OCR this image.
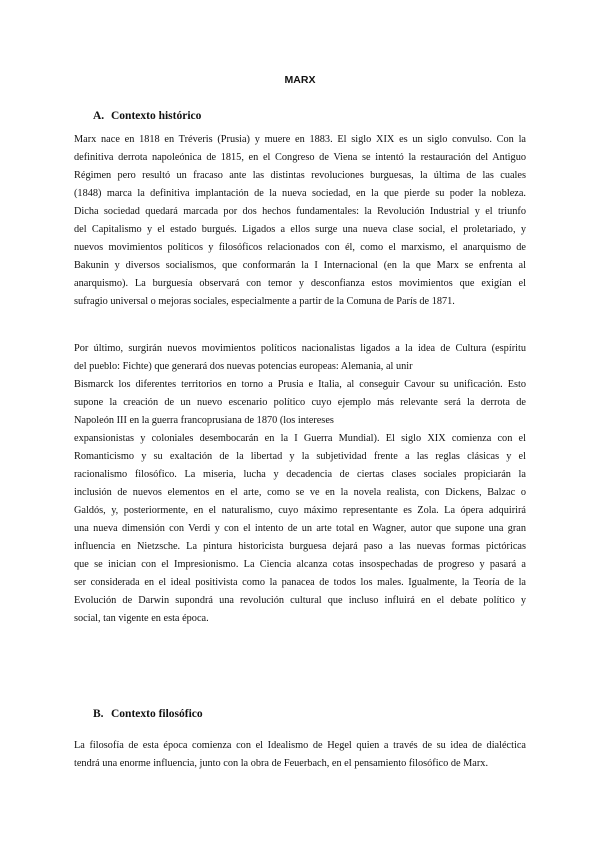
MARX
A. Contexto histórico
Marx nace en 1818 en Tréveris (Prusia) y muere en 1883. El siglo XIX es un siglo convulso. Con la
definitiva derrota napoleónica de 1815, en el Congreso de Viena se intentó la restauración del Antiguo
Régimen pero resultó un fracaso ante las distintas revoluciones burguesas, la última de las cuales
(1848) marca la definitiva implantación de la nueva sociedad, en la que pierde su poder la nobleza.
Dicha sociedad quedará marcada por dos hechos fundamentales: la Revolución Industrial y el triunfo
del Capitalismo y el estado burgués. Ligados a ellos surge una nueva clase social, el proletariado, y
nuevos movimientos políticos y filosóficos relacionados con él, como el marxismo, el anarquismo de
Bakunin y diversos socialismos, que conformarán la I Internacional (en la que Marx se enfrenta al
anarquismo). La burguesía observará con temor y desconfianza estos movimientos que exigían el
sufragio universal o mejoras sociales, especialmente a partir de la Comuna de París de 1871.
Por último, surgirán nuevos movimientos políticos nacionalistas ligados a la idea de Cultura (espíritu
del pueblo: Fichte) que generará dos nuevas potencias europeas: Alemania, al unir
Bismarck los diferentes territorios en torno a Prusia e Italia, al conseguir Cavour su unificación. Esto
supone la creación de un nuevo escenario político cuyo ejemplo más relevante será la derrota de
Napoleón III en la guerra francoprusiana de 1870 (los intereses
expansionistas y coloniales desembocarán en la I Guerra Mundial). El siglo XIX comienza con el
Romanticismo y su exaltación de la libertad y la subjetividad frente a las reglas clásicas y el
racionalismo filosófico. La miseria, lucha y decadencia de ciertas clases sociales propiciarán la
inclusión de nuevos elementos en el arte, como se ve en la novela realista, con Dickens, Balzac o
Galdós, y, posteriormente, en el naturalismo, cuyo máximo representante es Zola. La ópera adquirirá
una nueva dimensión con Verdi y con el intento de un arte total en Wagner, autor que supone una gran
influencia en Nietzsche. La pintura historicista burguesa dejará paso a las nuevas formas pictóricas
que se inician con el Impresionismo. La Ciencia alcanza cotas insospechadas de progreso y pasará a
ser considerada en el ideal positivista como la panacea de todos los males. Igualmente, la Teoría de la
Evolución de Darwin supondrá una revolución cultural que incluso influirá en el debate político y
social, tan vigente en esta época.
B. Contexto filosófico
La filosofía de esta época comienza con el Idealismo de Hegel quien a través de su idea de dialéctica
tendrá una enorme influencia, junto con la obra de Feuerbach, en el pensamiento filosófico de Marx.
